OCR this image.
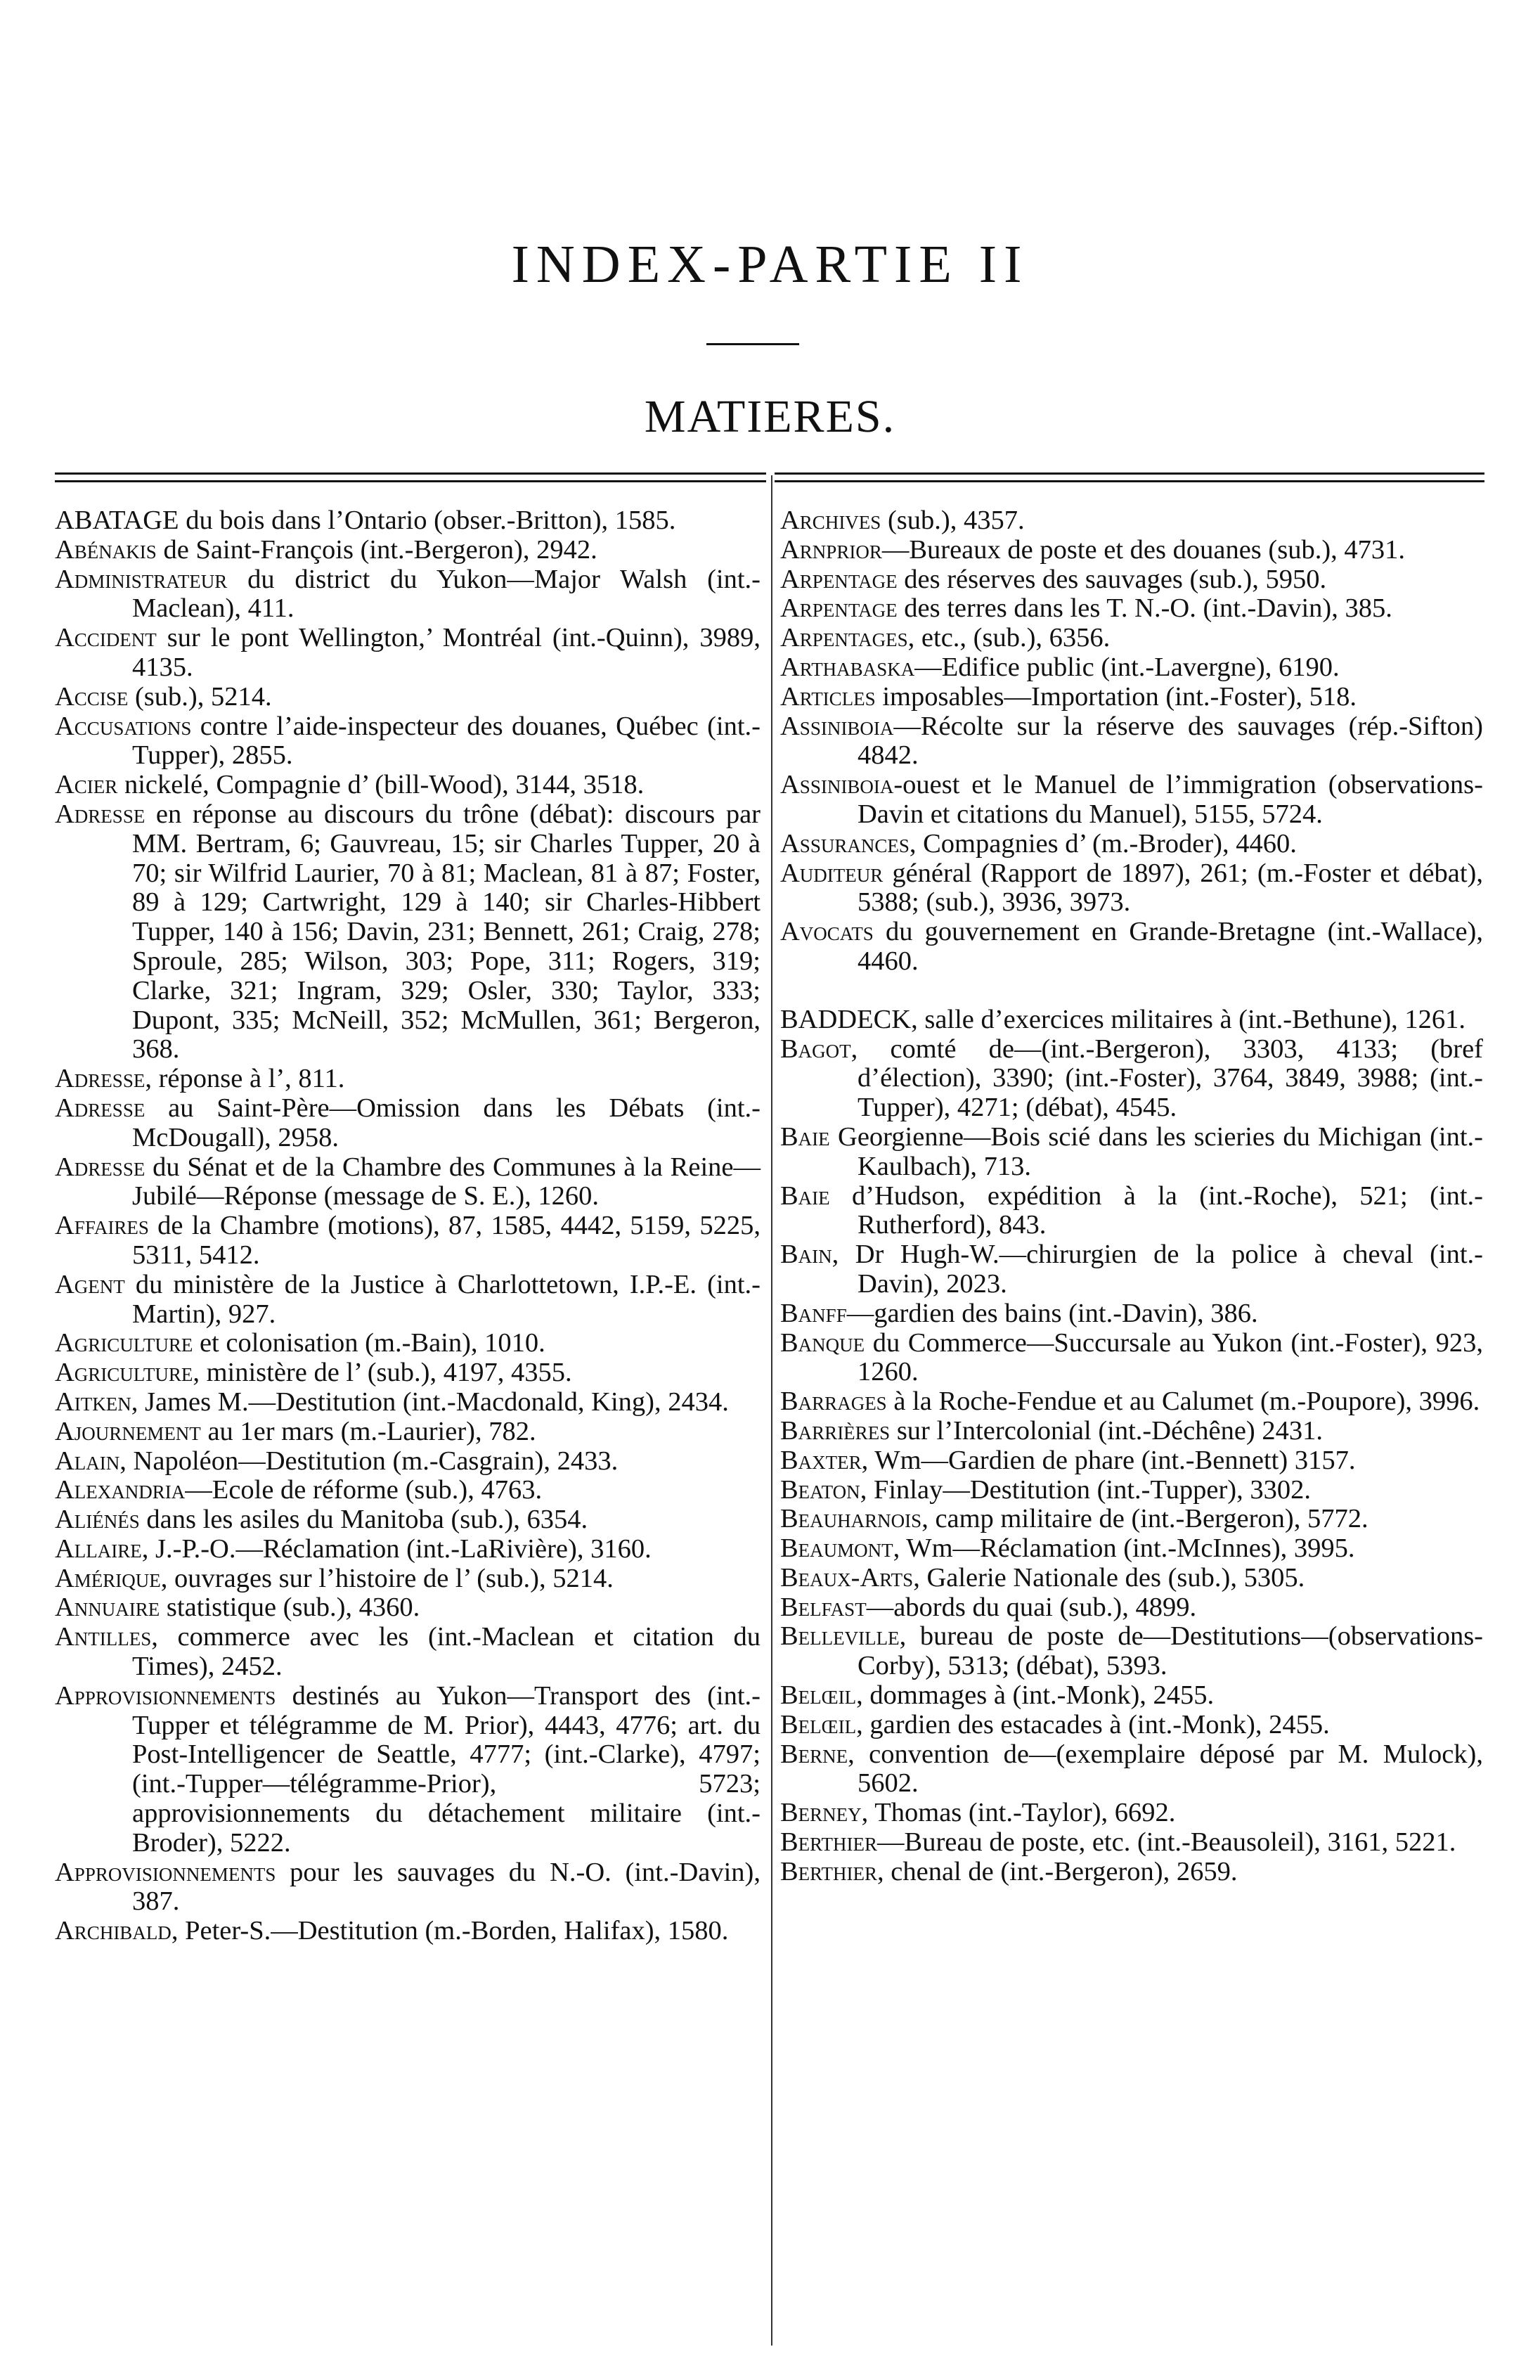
INDEX-PARTIE II
MATIERES.

ABATAGE du bois dans l’Ontario (obser.-Britton), 1585.

Abénakis de Saint-François (int.-Bergeron), 2942.

Administrateur du district du Yukon—Major Walsh (int.-Maclean), 411.

Accident sur le pont Wellington,’ Montréal (int.-Quinn), 3989, 4135.

Accise (sub.), 5214.

Accusations contre l’aide-inspecteur des douanes, Québec (int.-Tupper), 2855.

Acier nickelé, Compagnie d’ (bill-Wood), 3144, 3518.

Adresse en réponse au discours du trône (débat): discours par MM. Bertram, 6; Gauvreau, 15; sir Charles Tupper, 20 à 70; sir Wilfrid Laurier, 70 à 81; Maclean, 81 à 87; Foster, 89 à 129; Cartwright, 129 à 140; sir Charles-Hibbert Tupper, 140 à 156; Davin, 231; Bennett, 261; Craig, 278; Sproule, 285; Wilson, 303; Pope, 311; Rogers, 319; Clarke, 321; Ingram, 329; Osler, 330; Taylor, 333; Dupont, 335; McNeill, 352; McMullen, 361; Bergeron, 368.

Adresse, réponse à l’, 811.

Adresse au Saint-Père—Omission dans les Débats (int.-McDougall), 2958.

Adresse du Sénat et de la Chambre des Communes à la Reine—Jubilé—Réponse (message de S. E.), 1260.

Affaires de la Chambre (motions), 87, 1585, 4442, 5159, 5225, 5311, 5412.

Agent du ministère de la Justice à Charlottetown, I.P.-E. (int.-Martin), 927.

Agriculture et colonisation (m.-Bain), 1010.

Agriculture, ministère de l’ (sub.), 4197, 4355.

Aitken, James M.—Destitution (int.-Macdonald, King), 2434.

Ajournement au 1er mars (m.-Laurier), 782.

Alain, Napoléon—Destitution (m.-Casgrain), 2433.

Alexandria—Ecole de réforme (sub.), 4763.

Aliénés dans les asiles du Manitoba (sub.), 6354.

Allaire, J.-P.-O.—Réclamation (int.-LaRivière), 3160.

Amérique, ouvrages sur l’histoire de l’ (sub.), 5214.

Annuaire statistique (sub.), 4360.

Antilles, commerce avec les (int.-Maclean et citation du Times), 2452.

Approvisionnements destinés au Yukon—Transport des (int.-Tupper et télégramme de M. Prior), 4443, 4776; art. du Post-Intelligencer de Seattle, 4777; (int.-Clarke), 4797; (int.-Tupper—télégramme-Prior), 5723; approvisionnements du détachement militaire (int.-Broder), 5222.

Approvisionnements pour les sauvages du N.-O. (int.-Davin), 387.

Archibald, Peter-S.—Destitution (m.-Borden, Halifax), 1580.

Archives (sub.), 4357.

Arnprior—Bureaux de poste et des douanes (sub.), 4731.

Arpentage des réserves des sauvages (sub.), 5950.

Arpentage des terres dans les T. N.-O. (int.-Davin), 385.

Arpentages, etc., (sub.), 6356.

Arthabaska—Edifice public (int.-Lavergne), 6190.

Articles imposables—Importation (int.-Foster), 518.

Assiniboia—Récolte sur la réserve des sauvages (rép.-Sifton) 4842.

Assiniboia-ouest et le Manuel de l’immigration (observations-Davin et citations du Manuel), 5155, 5724.

Assurances, Compagnies d’ (m.-Broder), 4460.

Auditeur général (Rapport de 1897), 261; (m.-Foster et débat), 5388; (sub.), 3936, 3973.

Avocats du gouvernement en Grande-Bretagne (int.-Wallace), 4460.

BADDECK, salle d’exercices militaires à (int.-Bethune), 1261.

Bagot, comté de—(int.-Bergeron), 3303, 4133; (bref d’élection), 3390; (int.-Foster), 3764, 3849, 3988; (int.-Tupper), 4271; (débat), 4545.

Baie Georgienne—Bois scié dans les scieries du Michigan (int.-Kaulbach), 713.

Baie d’Hudson, expédition à la (int.-Roche), 521; (int.-Rutherford), 843.

Bain, Dr Hugh-W.—chirurgien de la police à cheval (int.-Davin), 2023.

Banff—gardien des bains (int.-Davin), 386.

Banque du Commerce—Succursale au Yukon (int.-Foster), 923, 1260.

Barrages à la Roche-Fendue et au Calumet (m.-Poupore), 3996.

Barrières sur l’Intercolonial (int.-Déchêne) 2431.

Baxter, Wm—Gardien de phare (int.-Bennett) 3157.

Beaton, Finlay—Destitution (int.-Tupper), 3302.

Beauharnois, camp militaire de (int.-Bergeron), 5772.

Beaumont, Wm—Réclamation (int.-McInnes), 3995.

Beaux-Arts, Galerie Nationale des (sub.), 5305.

Belfast—abords du quai (sub.), 4899.

Belleville, bureau de poste de—Destitutions—(observations-Corby), 5313; (débat), 5393.

Belœil, dommages à (int.-Monk), 2455.

Belœil, gardien des estacades à (int.-Monk), 2455.

Berne, convention de—(exemplaire déposé par M. Mulock), 5602.

Berney, Thomas (int.-Taylor), 6692.

Berthier—Bureau de poste, etc. (int.-Beausoleil), 3161, 5221.

Berthier, chenal de (int.-Bergeron), 2659.
